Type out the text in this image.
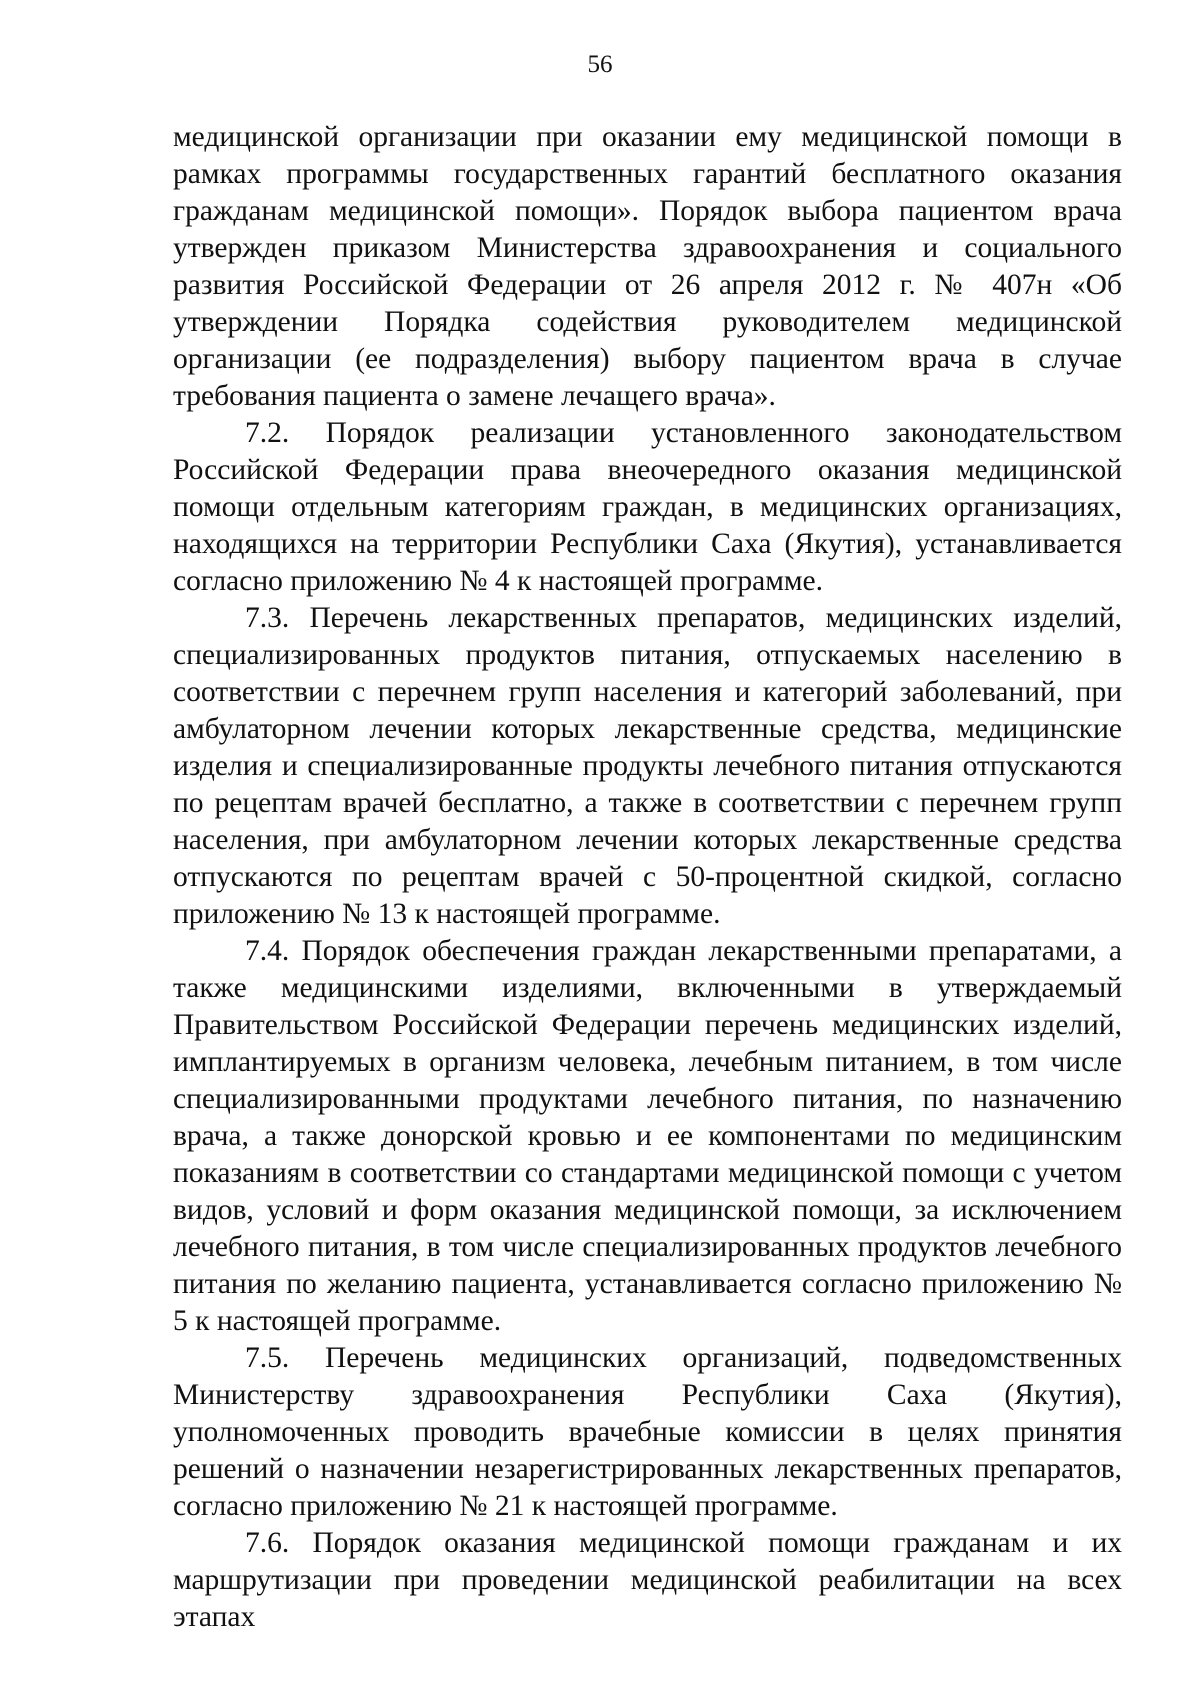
56

медицинской организации при оказании ему медицинской помощи в рамках программы государственных гарантий бесплатного оказания гражданам медицинской помощи». Порядок выбора пациентом врача утвержден приказом Министерства здравоохранения и социального развития Российской Федерации от 26 апреля 2012 г. № 407н «Об утверждении Порядка содействия руководителем медицинской организации (ее подразделения) выбору пациентом врача в случае требования пациента о замене лечащего врача».

7.2. Порядок реализации установленного законодательством Российской Федерации права внеочередного оказания медицинской помощи отдельным категориям граждан, в медицинских организациях, находящихся на территории Республики Саха (Якутия), устанавливается согласно приложению № 4 к настоящей программе.

7.3. Перечень лекарственных препаратов, медицинских изделий, специализированных продуктов питания, отпускаемых населению в соответствии с перечнем групп населения и категорий заболеваний, при амбулаторном лечении которых лекарственные средства, медицинские изделия и специализированные продукты лечебного питания отпускаются по рецептам врачей бесплатно, а также в соответствии с перечнем групп населения, при амбулаторном лечении которых лекарственные средства отпускаются по рецептам врачей с 50-процентной скидкой, согласно приложению № 13 к настоящей программе.

7.4. Порядок обеспечения граждан лекарственными препаратами, а также медицинскими изделиями, включенными в утверждаемый Правительством Российской Федерации перечень медицинских изделий, имплантируемых в организм человека, лечебным питанием, в том числе специализированными продуктами лечебного питания, по назначению врача, а также донорской кровью и ее компонентами по медицинским показаниям в соответствии со стандартами медицинской помощи с учетом видов, условий и форм оказания медицинской помощи, за исключением лечебного питания, в том числе специализированных продуктов лечебного питания по желанию пациента, устанавливается согласно приложению № 5 к настоящей программе.

7.5. Перечень медицинских организаций, подведомственных Министерству здравоохранения Республики Саха (Якутия), уполномоченных проводить врачебные комиссии в целях принятия решений о назначении незарегистрированных лекарственных препаратов, согласно приложению № 21 к настоящей программе.

7.6. Порядок оказания медицинской помощи гражданам и их маршрутизации при проведении медицинской реабилитации на всех этапах
